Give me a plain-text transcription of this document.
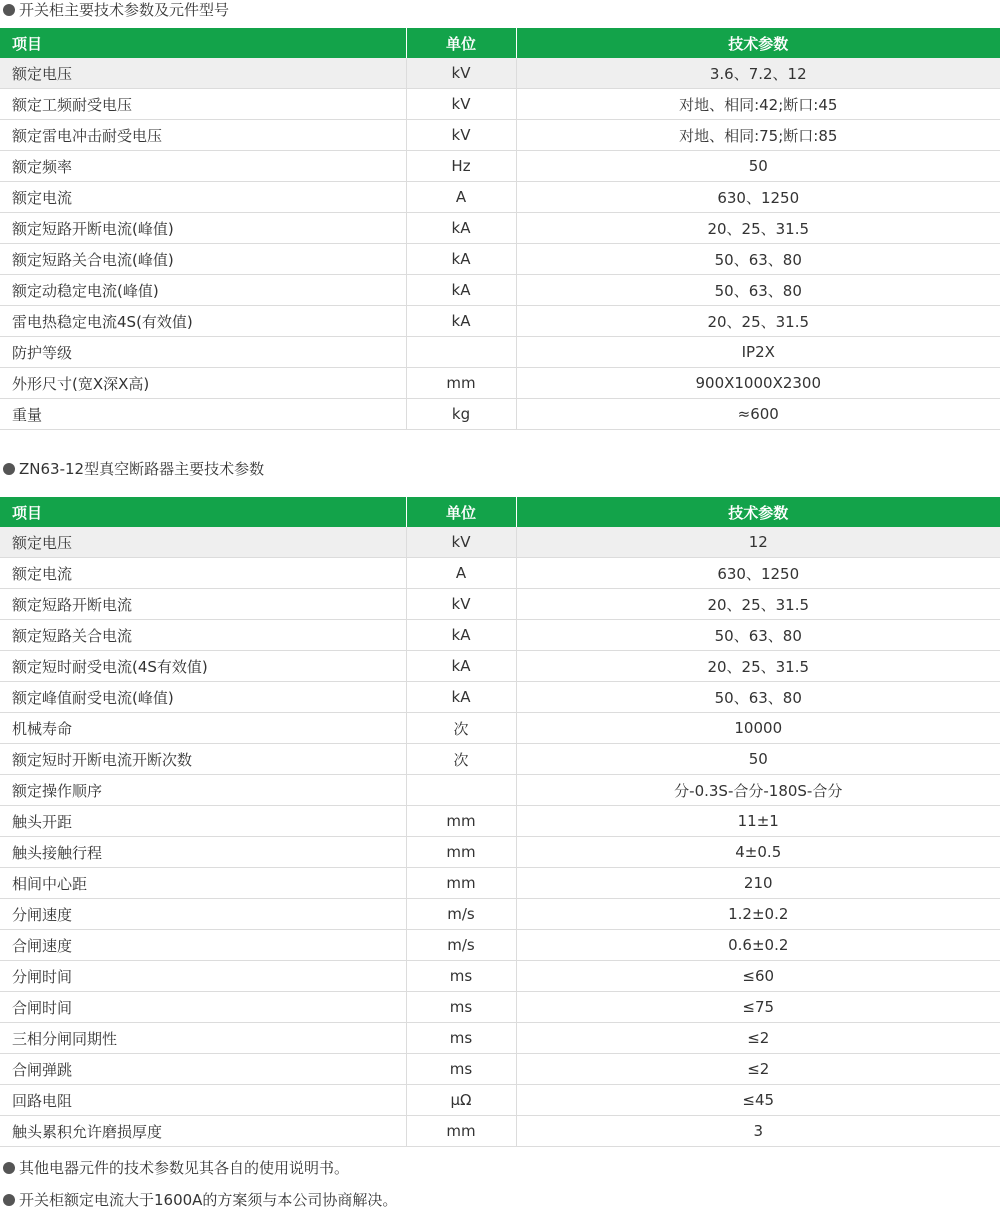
开关柜主要技术参数及元件型号
项目	单位	技术参数
额定电压	kV	3.6、7.2、12
额定工频耐受电压	kV	对地、相同:42;断口:45
额定雷电冲击耐受电压	kV	对地、相同:75;断口:85
额定频率	Hz	50
额定电流	A	630、1250
额定短路开断电流(峰值)	kA	20、25、31.5
额定短路关合电流(峰值)	kA	50、63、80
额定动稳定电流(峰值)	kA	50、63、80
雷电热稳定电流4S(有效值)	kA	20、25、31.5
防护等级		IP2X
外形尺寸(宽X深X高)	mm	900X1000X2300
重量	kg	≈600
ZN63-12型真空断路器主要技术参数
项目	单位	技术参数
额定电压	kV	12
额定电流	A	630、1250
额定短路开断电流	kV	20、25、31.5
额定短路关合电流	kA	50、63、80
额定短时耐受电流(4S有效值)	kA	20、25、31.5
额定峰值耐受电流(峰值)	kA	50、63、80
机械寿命	次	10000
额定短时开断电流开断次数	次	50
额定操作顺序		分-0.3S-合分-180S-合分
触头开距	mm	11±1
触头接触行程	mm	4±0.5
相间中心距	mm	210
分闸速度	m/s	1.2±0.2
合闸速度	m/s	0.6±0.2
分闸时间	ms	≤60
合闸时间	ms	≤75
三相分闸同期性	ms	≤2
合闸弹跳	ms	≤2
回路电阻	μΩ	≤45
触头累积允许磨损厚度	mm	3
其他电器元件的技术参数见其各自的使用说明书。
开关柜额定电流大于1600A的方案须与本公司协商解决。
